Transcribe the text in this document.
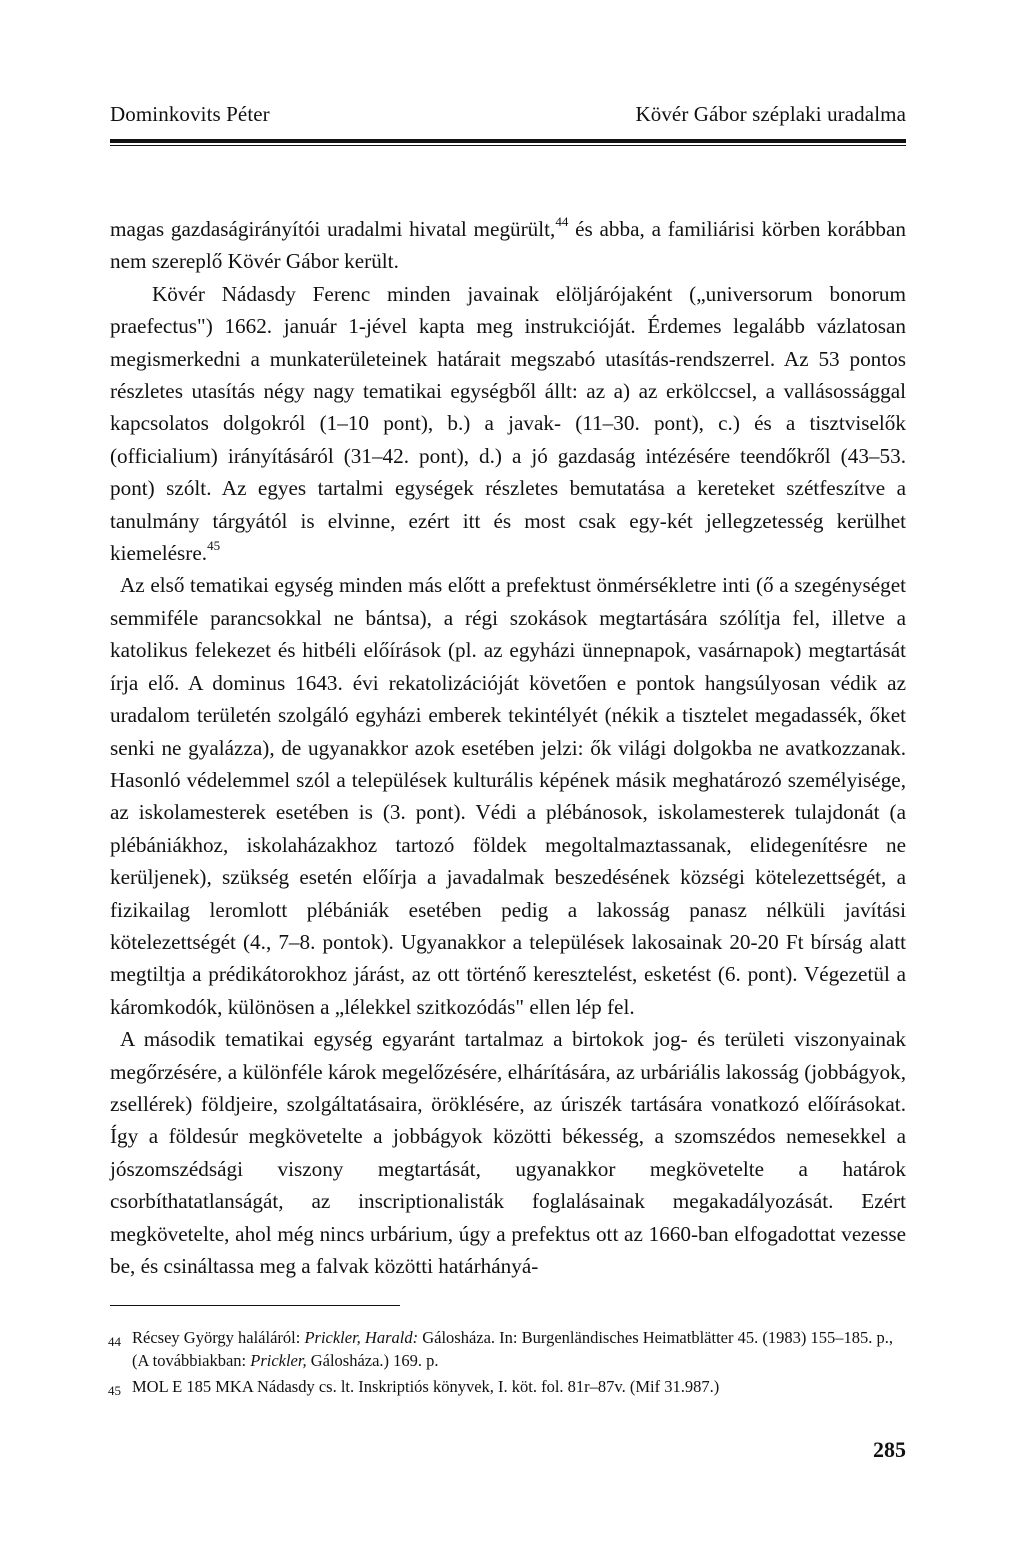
Dominkovits Péter	Kövér Gábor széplaki uradalma

magas gazdaságirányítói uradalmi hivatal megürült,$^{44}$ és abba, a familiárisi körben korábban nem szereplő Kövér Gábor került.

Kövér Nádasdy Ferenc minden javainak elöljárójaként („universorum bonorum praefectus") 1662. január 1-jével kapta meg instrukcióját. Érdemes legalább vázlatosan megismerkedni a munkaterületeinek határait megszabó utasítás-rendszerrel. Az 53 pontos részletes utasítás négy nagy tematikai egységből állt: az a) az erkölccsel, a vallásossággal kapcsolatos dolgokról (1–10 pont), b.) a javak- (11–30. pont), c.) és a tisztviselők (officialium) irányításáról (31–42. pont), d.) a jó gazdaság intézésére teendőkről (43–53. pont) szólt. Az egyes tartalmi egységek részletes bemutatása a kereteket szétfeszítve a tanulmány tárgyától is elvinne, ezért itt és most csak egy-két jellegzetesség kerülhet kiemelésre.$^{45}$

Az első tematikai egység minden más előtt a prefektust önmérsékletre inti (ő a szegénységet semmiféle parancsokkal ne bántsa), a régi szokások megtartására szólítja fel, illetve a katolikus felekezet és hitbéli előírások (pl. az egyházi ünnepnapok, vasárnapok) megtartását írja elő. A dominus 1643. évi rekatolizációját követően e pontok hangsúlyosan védik az uradalom területén szolgáló egyházi emberek tekintélyét (nékik a tisztelet megadassék, őket senki ne gyalázza), de ugyanakkor azok esetében jelzi: ők világi dolgokba ne avatkozzanak. Hasonló védelemmel szól a települések kulturális képének másik meghatározó személyisége, az iskolamesterek esetében is (3. pont). Védi a plébánosok, iskolamesterek tulajdonát (a plébániákhoz, iskolaházakhoz tartozó földek megoltalmaztassanak, elidegenítésre ne kerüljenek), szükség esetén előírja a javadalmak beszedésének községi kötelezettségét, a fizikailag leromlott plébániák esetében pedig a lakosság panasz nélküli javítási kötelezettségét (4., 7–8. pontok). Ugyanakkor a települések lakosainak 20-20 Ft bírság alatt megtiltja a prédikátorokhoz járást, az ott történő keresztelést, esketést (6. pont). Végezetül a káromkodók, különösen a „lélekkel szitkozódás" ellen lép fel.

A második tematikai egység egyaránt tartalmaz a birtokok jog- és területi viszonyainak megőrzésére, a különféle károk megelőzésére, elhárítására, az urbáriális lakosság (jobbágyok, zsellérek) földjeire, szolgáltatásaira, öröklésére, az úriszék tartására vonatkozó előírásokat. Így a földesúr megkövetelte a jobbágyok közötti békesség, a szomszédos nemesekkel a jószomszédsági viszony megtartását, ugyanakkor megkövetelte a határok csorbíthatatlanságát, az inscriptionalisták foglalásainak megakadályozását. Ezért megkövetelte, ahol még nincs urbárium, úgy a prefektus ott az 1660-ban elfogadottat vezesse be, és csináltassa meg a falvak közötti határhányá-

44 Récsey György haláláról: Prickler, Harald: Gálosháza. In: Burgenländisches Heimatblätter 45. (1983) 155–185. p., (A továbbiakban: Prickler, Gálosháza.) 169. p.
45 MOL E 185 MKA Nádasdy cs. lt. Inskriptiós könyvek, I. köt. fol. 81r–87v. (Mif 31.987.)
285
